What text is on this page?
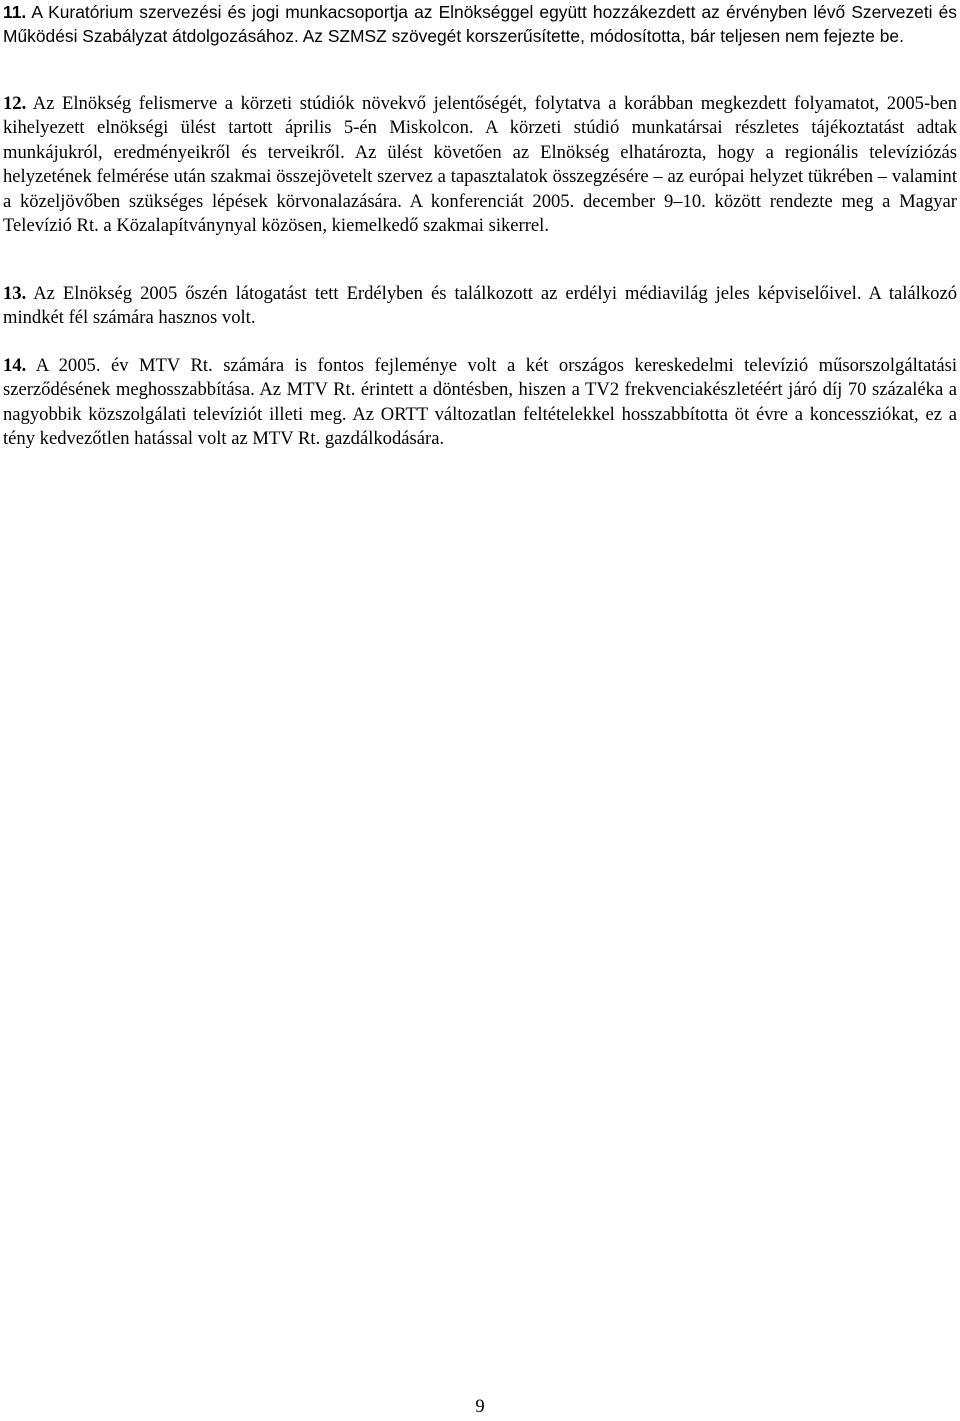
11. A Kuratórium szervezési és jogi munkacsoportja az Elnökséggel együtt hozzákezdett az érvényben lévő Szervezeti és Működési Szabályzat átdolgozásához. Az SZMSZ szövegét korszerűsítette, módosította, bár teljesen nem fejezte be.

12. Az Elnökség felismerve a körzeti stúdiók növekvő jelentőségét, folytatva a korábban megkezdett folyamatot, 2005-ben kihelyezett elnökségi ülést tartott április 5-én Miskolcon. A körzeti stúdió munkatársai részletes tájékoztatást adtak munkájukról, eredményeikről és terveikről. Az ülést követően az Elnökség elhatározta, hogy a regionális televíziózás helyzetének felmérése után szakmai összejövetelt szervez a tapasztalatok összegzésére – az európai helyzet tükrében – valamint a közeljövőben szükséges lépések körvonalazására. A konferenciát 2005. december 9–10. között rendezte meg a Magyar Televízió Rt. a Közalapítványnyal közösen, kiemelkedő szakmai sikerrel.

13. Az Elnökség 2005 őszén látogatást tett Erdélyben és találkozott az erdélyi médiavilág jeles képviselőivel. A találkozó mindkét fél számára hasznos volt.

14. A 2005. év MTV Rt. számára is fontos fejleménye volt a két országos kereskedelmi televízió műsorszolgáltatási szerződésének meghosszabbítása. Az MTV Rt. érintett a döntésben, hiszen a TV2 frekvenciakészletéért járó díj 70 százaléka a nagyobbik közszolgálati televíziót illeti meg. Az ORTT változatlan feltételekkel hosszabbította öt évre a koncessziókat, ez a tény kedvezőtlen hatással volt az MTV Rt. gazdálkodására.

9
